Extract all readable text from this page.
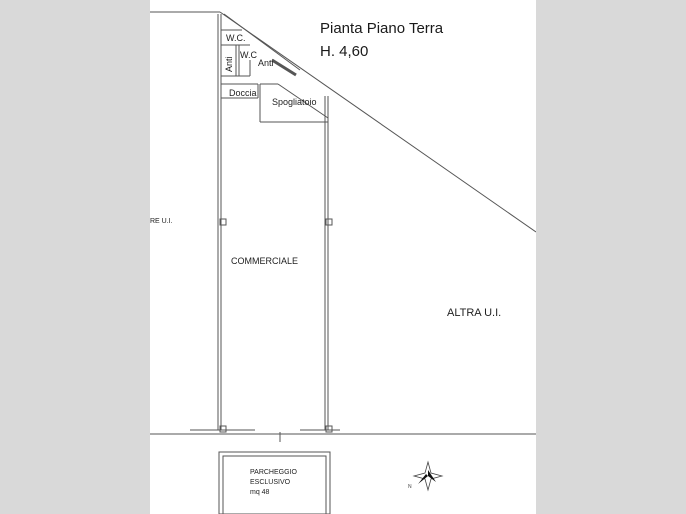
N
Pianta Piano Terra
H. 4,60
W.C.
W.C
Anti	Anti
Doccia
Spogliatoio
COMMERCIALE
ALTRA U.I.
RE U.I.
PARCHEGGIO
ESCLUSIVO
mq 48
